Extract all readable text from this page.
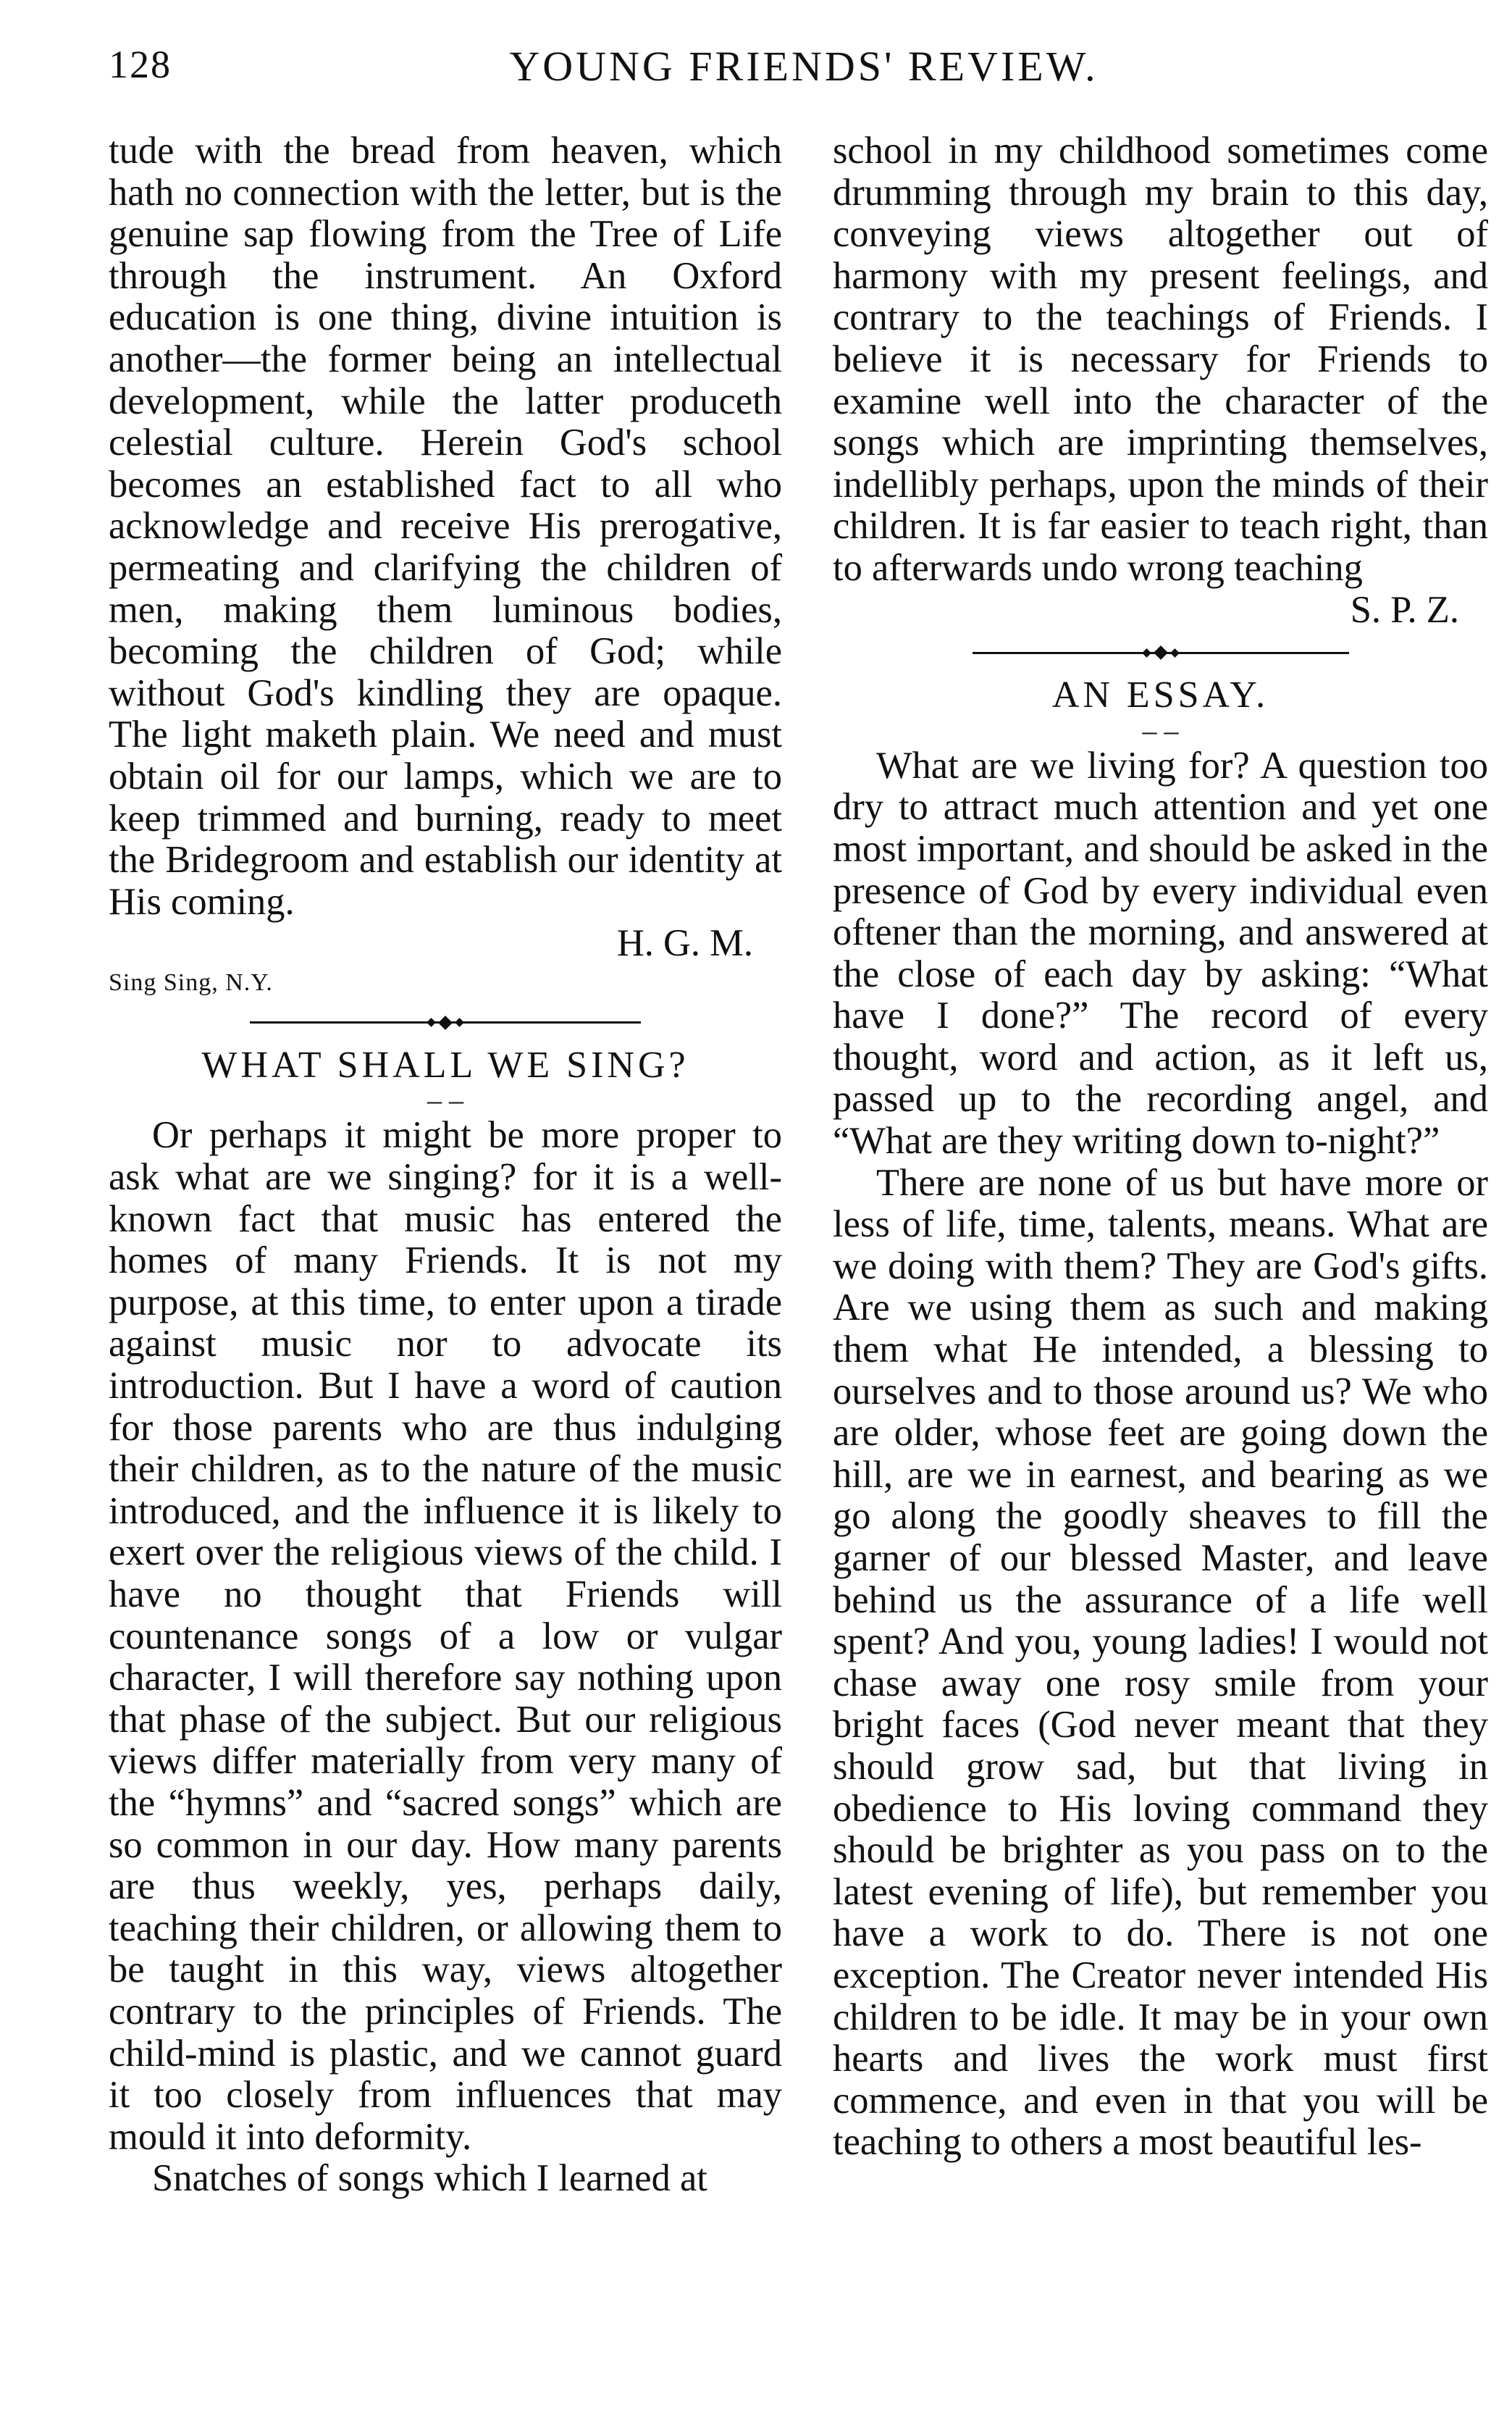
128	YOUNG FRIENDS' REVIEW.

tude with the bread from heaven, which hath no connection with the letter, but is the genuine sap flowing from the Tree of Life through the instrument. An Oxford education is one thing, divine intuition is another—the former being an intellectual development, while the latter produceth celestial culture. Herein God's school becomes an established fact to all who acknowledge and receive His prerogative, permeating and clarifying the children of men, making them luminous bodies, becoming the children of God; while without God's kindling they are opaque. The light maketh plain. We need and must obtain oil for our lamps, which we are to keep trimmed and burning, ready to meet the Bridegroom and establish our identity at His coming.

H. G. M.

Sing Sing, N.Y.

WHAT SHALL WE SING?

– –

Or perhaps it might be more proper to ask what are we singing? for it is a well-known fact that music has entered the homes of many Friends. It is not my purpose, at this time, to enter upon a tirade against music nor to advocate its introduction. But I have a word of caution for those parents who are thus indulging their children, as to the nature of the music introduced, and the influence it is likely to exert over the religious views of the child. I have no thought that Friends will countenance songs of a low or vulgar character, I will therefore say nothing upon that phase of the subject. But our religious views differ materially from very many of the “hymns” and “sacred songs” which are so common in our day. How many parents are thus weekly, yes, perhaps daily, teaching their children, or allowing them to be taught in this way, views altogether contrary to the principles of Friends. The child-mind is plastic, and we cannot guard it too closely from influences that may mould it into deformity.

Snatches of songs which I learned at

school in my childhood sometimes come drumming through my brain to this day, conveying views altogether out of harmony with my present feelings, and contrary to the teachings of Friends. I believe it is necessary for Friends to examine well into the character of the songs which are imprinting themselves, indellibly perhaps, upon the minds of their children. It is far easier to teach right, than to afterwards undo wrong teaching

S. P. Z.

AN ESSAY.

– –

What are we living for? A question too dry to attract much attention and yet one most important, and should be asked in the presence of God by every individual even oftener than the morning, and answered at the close of each day by asking: “What have I done?” The record of every thought, word and action, as it left us, passed up to the recording angel, and “What are they writing down to-night?”

There are none of us but have more or less of life, time, talents, means. What are we doing with them? They are God's gifts. Are we using them as such and making them what He intended, a blessing to ourselves and to those around us? We who are older, whose feet are going down the hill, are we in earnest, and bearing as we go along the goodly sheaves to fill the garner of our blessed Master, and leave behind us the assurance of a life well spent? And you, young ladies! I would not chase away one rosy smile from your bright faces (God never meant that they should grow sad, but that living in obedience to His loving command they should be brighter as you pass on to the latest evening of life), but remember you have a work to do. There is not one exception. The Creator never intended His children to be idle. It may be in your own hearts and lives the work must first commence, and even in that you will be teaching to others a most beautiful les-
